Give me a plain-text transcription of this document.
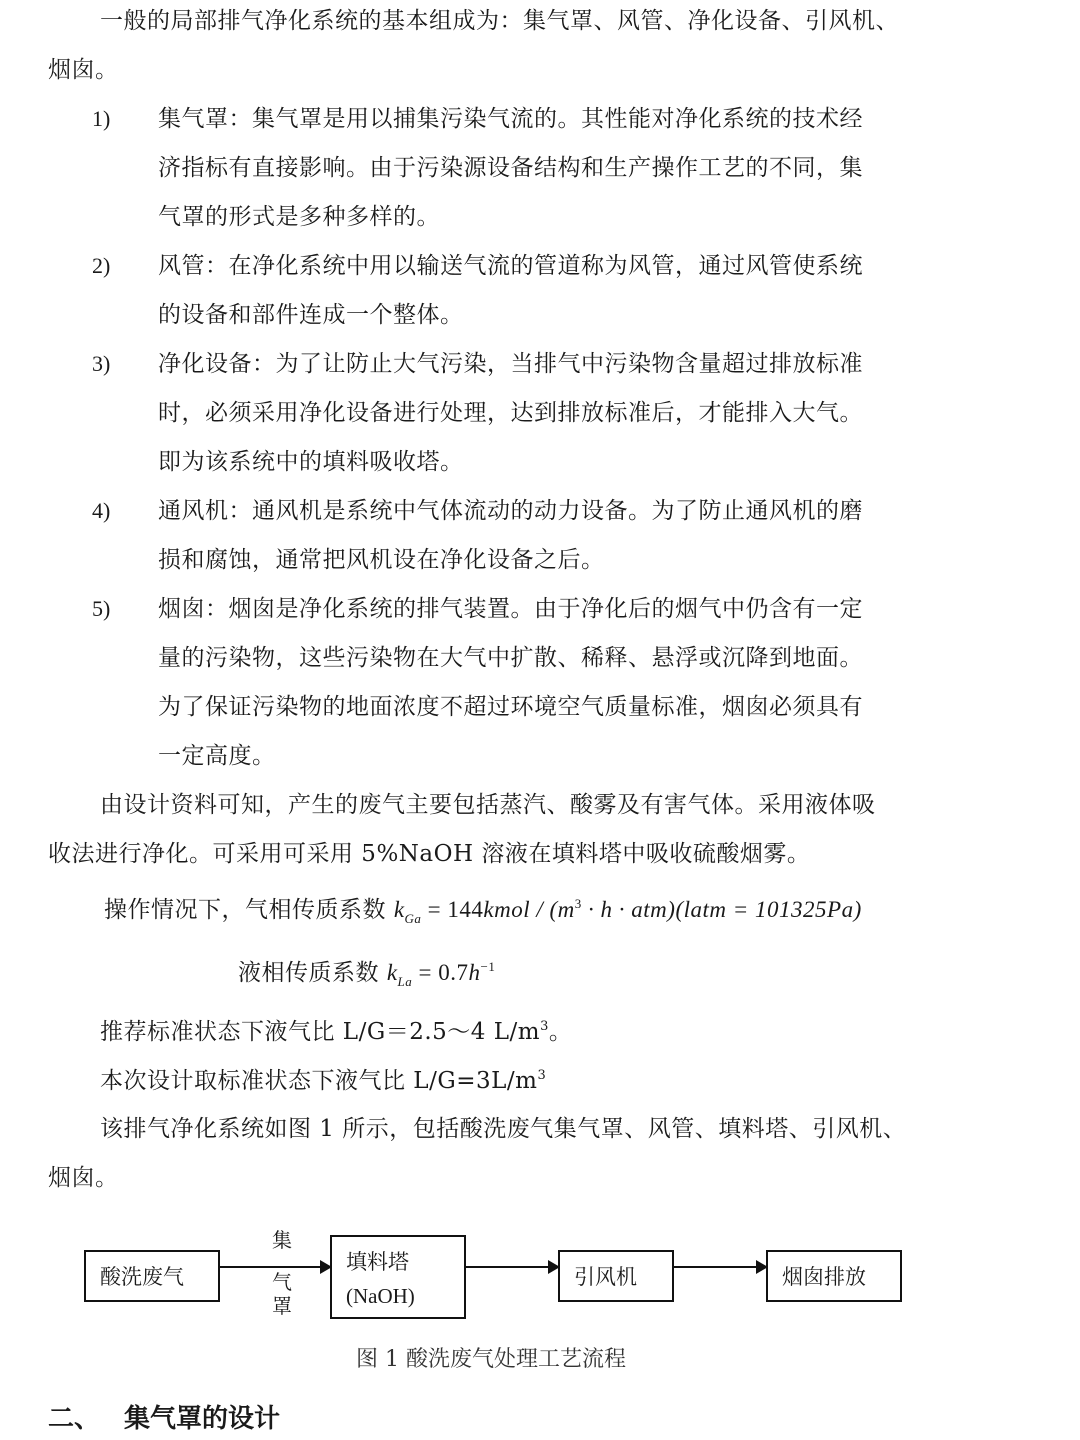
一般的局部排气净化系统的基本组成为：集气罩、风管、净化设备、引风机、
烟囱。
1) 集气罩：集气罩是用以捕集污染气流的。其性能对净化系统的技术经
济指标有直接影响。由于污染源设备结构和生产操作工艺的不同，集
气罩的形式是多种多样的。
2) 风管：在净化系统中用以输送气流的管道称为风管，通过风管使系统
的设备和部件连成一个整体。
3) 净化设备：为了让防止大气污染，当排气中污染物含量超过排放标准
时，必须采用净化设备进行处理，达到排放标准后，才能排入大气。
即为该系统中的填料吸收塔。
4) 通风机：通风机是系统中气体流动的动力设备。为了防止通风机的磨
损和腐蚀，通常把风机设在净化设备之后。
5) 烟囱：烟囱是净化系统的排气装置。由于净化后的烟气中仍含有一定
量的污染物，这些污染物在大气中扩散、稀释、悬浮或沉降到地面。
为了保证污染物的地面浓度不超过环境空气质量标准，烟囱必须具有
一定高度。
由设计资料可知，产生的废气主要包括蒸汽、酸雾及有害气体。采用液体吸
收法进行净化。可采用可采用 5%NaOH 溶液在填料塔中吸收硫酸烟雾。
操作情况下，气相传质系数 $k_{Ga}$ = 144kmol / ($m^3 \cdot h$ · atm)(latm = 101325Pa)
液相传质系数 $k_{La} = 0.7h^{-1}$
推荐标准状态下液气比 L/G＝2.5～4 $L/m^3$。
本次设计取标准状态下液气比 $L/G=3L/m^3$
该排气净化系统如图 1 所示，包括酸洗废气集气罩、风管、填料塔、引风机、
烟囱。
酸洗废气
集
气
罩
填料塔
(NaOH)
引风机	烟囱排放
图 1 酸洗废气处理工艺流程
二、 集气罩的设计
